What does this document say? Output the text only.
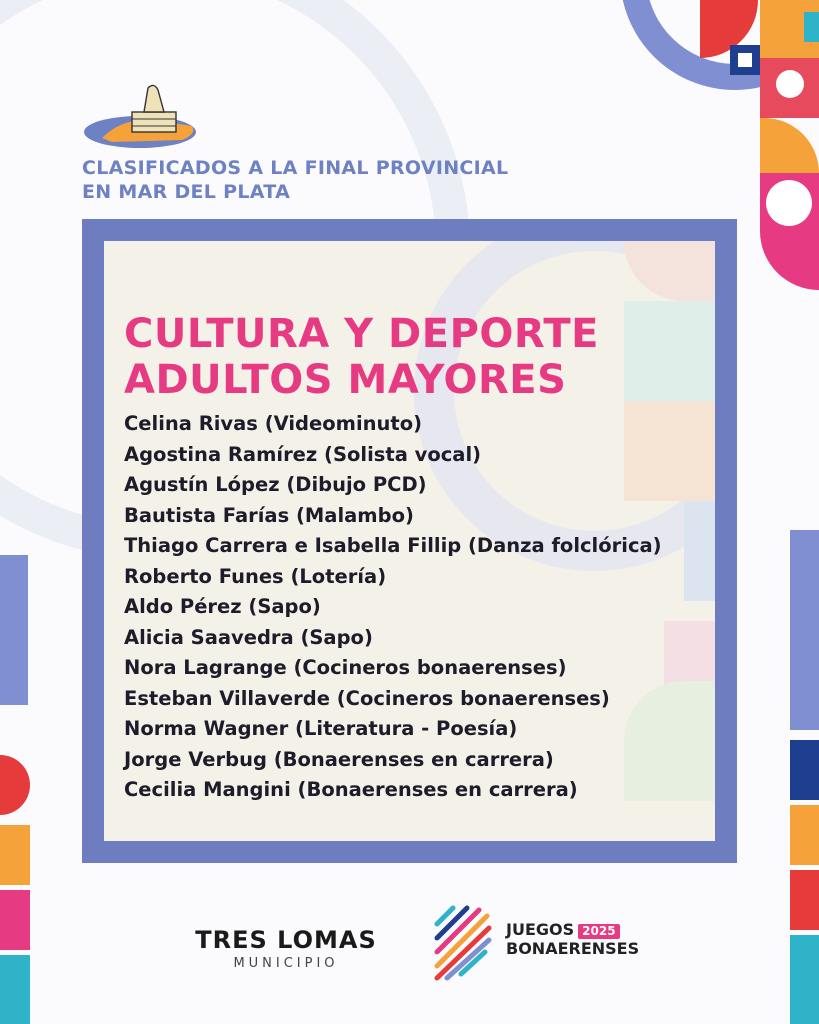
CLASIFICADOS A LA FINAL PROVINCIAL
EN MAR DEL PLATA
CULTURA Y DEPORTE
ADULTOS MAYORES
Celina Rivas (Videominuto)
Agostina Ramírez (Solista vocal)
Agustín López (Dibujo PCD)
Bautista Farías (Malambo)
Thiago Carrera e Isabella Fillip (Danza folclórica)
Roberto Funes (Lotería)
Aldo Pérez (Sapo)
Alicia Saavedra (Sapo)
Nora Lagrange (Cocineros bonaerenses)
Esteban Villaverde (Cocineros bonaerenses)
Norma Wagner (Literatura - Poesía)
Jorge Verbug (Bonaerenses en carrera)
Cecilia Mangini (Bonaerenses en carrera)
TRES LOMAS
MUNICIPIO
JUEGOS 2025
BONAERENSES
